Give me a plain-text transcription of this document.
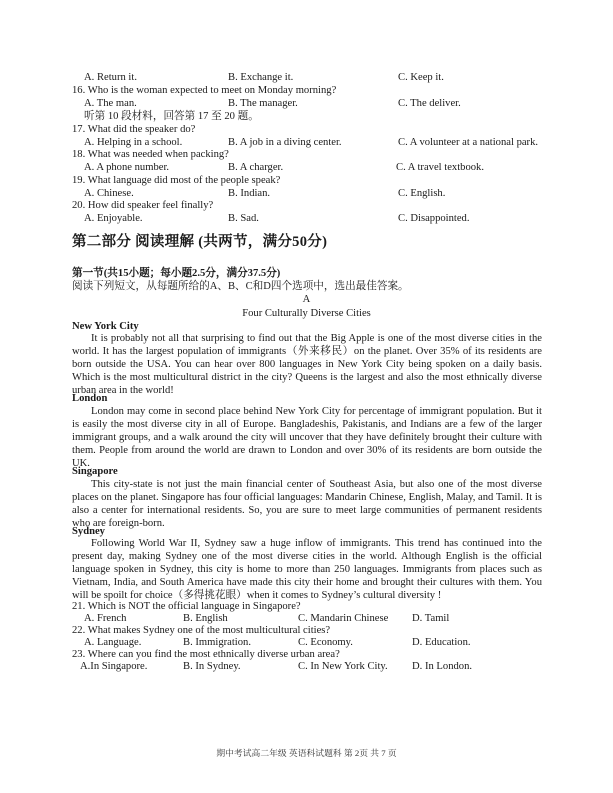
A. Return it.	B. Exchange it.	C. Keep it.
16. Who is the woman expected to meet on Monday morning?
A. The man.	B. The manager.	C. The deliver.
听第 10 段材料，回答第 17 至 20 题。
17. What did the speaker do?
A. Helping in a school.	B. A job in a diving center.	C. A volunteer at a national park.
18. What was needed when packing?
A. A phone number.	B. A charger.	C. A travel textbook.
19. What language did most of the people speak?
A. Chinese.	B. Indian.	C. English.
20. How did speaker feel finally?
A. Enjoyable.	B. Sad.	C. Disappointed.
第二部分 阅读理解 (共两节，满分50分)
第一节(共15小题；每小题2.5分，满分37.5分)
阅读下列短文，从每题所给的A、B、C和D四个选项中，选出最佳答案。
A
Four Culturally Diverse Cities
New York City

It is probably not all that surprising to find out that the Big Apple is one of the most diverse cities in the world. It has the largest population of immigrants（外来移民）on the planet. Over 35% of its residents are born outside the USA. You can hear over 800 languages in New York City being spoken on a daily basis. Which is the most multicultural district in the city? Queens is the largest and also the most ethnically diverse urban area in the world!

London

London may come in second place behind New York City for percentage of immigrant population. But it is easily the most diverse city in all of Europe. Bangladeshis, Pakistanis, and Indians are a few of the larger immigrant groups, and a walk around the city will uncover that they have definitely brought their culture with them. People from around the world are drawn to London and over 30% of its residents are born outside the UK.

Singapore

This city-state is not just the main financial center of Southeast Asia, but also one of the most diverse places on the planet. Singapore has four official languages: Mandarin Chinese, English, Malay, and Tamil. It is also a center for international residents. So, you are sure to meet large communities of permanent residents who are foreign-born.

Sydney

Following World War II, Sydney saw a huge inflow of immigrants. This trend has continued into the present day, making Sydney one of the most diverse cities in the world. Although English is the official language spoken in Sydney, this city is home to more than 250 languages. Immigrants from places such as Vietnam, India, and South America have made this city their home and brought their cultures with them. You will be spoilt for choice（多得挑花眼）when it comes to Sydney’s cultural diversity !

21. Which is NOT the official language in Singapore?
A. French	B. English	C. Mandarin Chinese D. Tamil
22. What makes Sydney one of the most multicultural cities?
A. Language.	B. Immigration.	C. Economy.	D. Education.
23. Where can you find the most ethnically diverse urban area?
A.In Singapore.	B. In Sydney.	C. In New York City. D. In London.
期中考试高二年级 英语科试题科 第 2页 共 7 页
